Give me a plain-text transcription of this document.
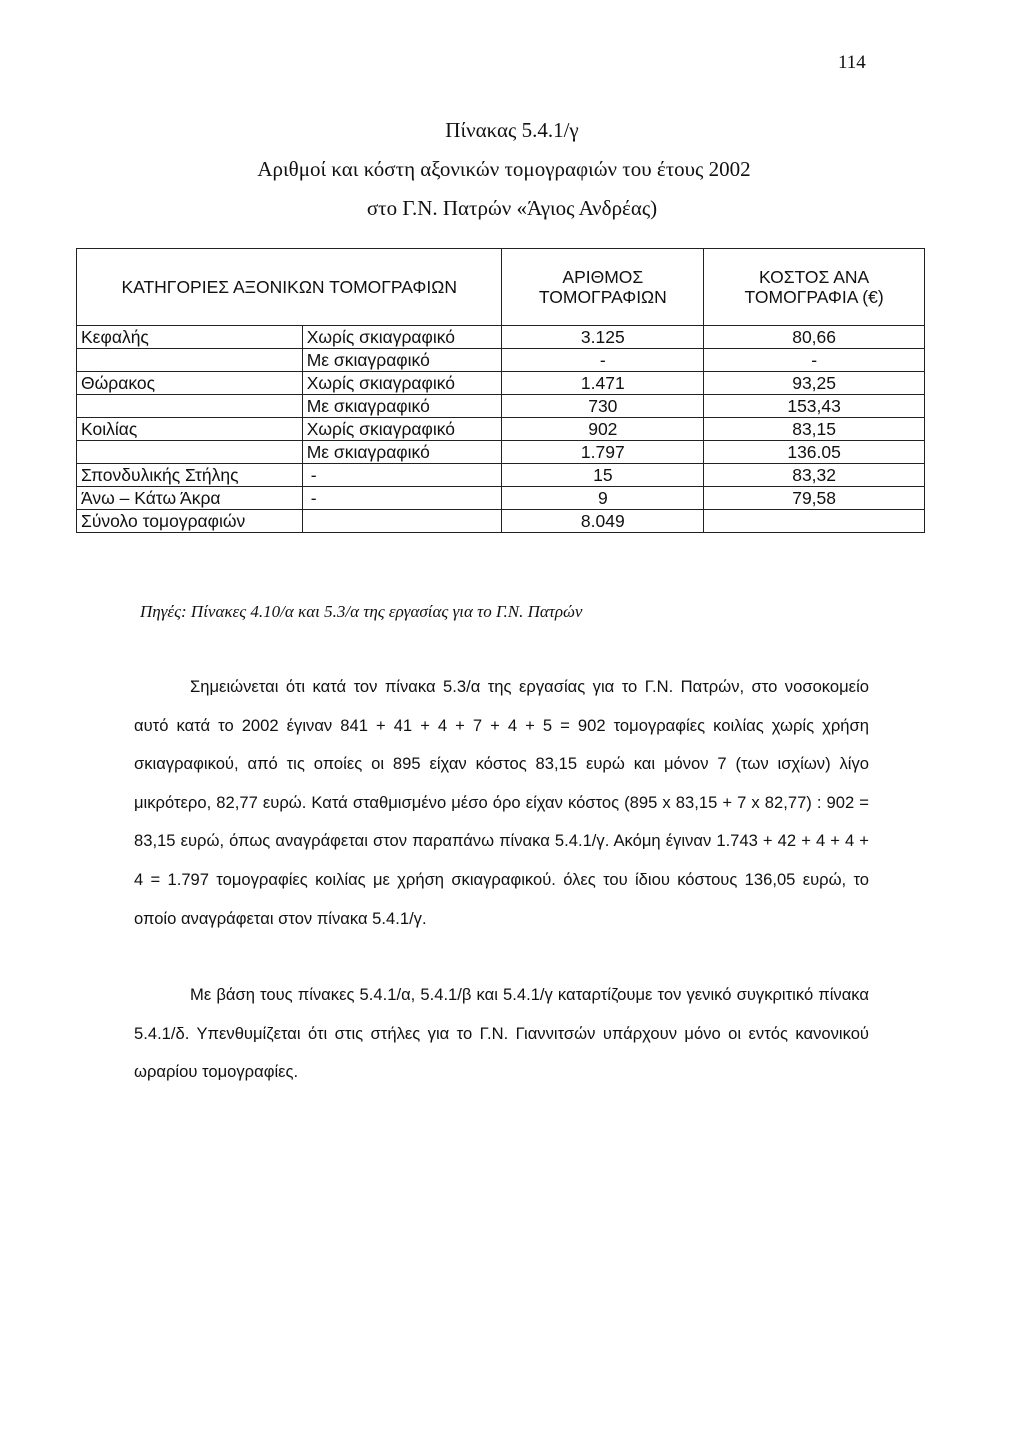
114
Πίνακας 5.4.1/γ
Αριθμοί και κόστη αξονικών τομογραφιών του έτους 2002
στο Γ.Ν. Πατρών «Άγιος Ανδρέας)
ΚΑΤΗΓΟΡΙΕΣ ΑΞΟΝΙΚΩΝ ΤΟΜΟΓΡΑΦΙΩΝ		ΑΡΙΘΜΟΣ ΤΟΜΟΓΡΑΦΙΩΝ	ΚΟΣΤΟΣ ΑΝΑ ΤΟΜΟΓΡΑΦΙΑ (€)
Κεφαλής	Χωρίς σκιαγραφικό	3.125	80,66
	Με σκιαγραφικό	-	-
Θώρακος	Χωρίς σκιαγραφικό	1.471	93,25
	Με σκιαγραφικό	730	153,43
Κοιλίας	Χωρίς σκιαγραφικό	902	83,15
	Με σκιαγραφικό	1.797	136.05
Σπονδυλικής Στήλης	-	15	83,32
Άνω – Κάτω Άκρα	-	9	79,58
Σύνολο τομογραφιών		8.049	
Πηγές: Πίνακες 4.10/α και 5.3/α της εργασίας για το Γ.Ν. Πατρών

Σημειώνεται ότι κατά τον πίνακα 5.3/α της εργασίας για το Γ.Ν. Πατρών, στο νοσοκομείο αυτό κατά το 2002 έγιναν 841 + 41 + 4 + 7 + 4 + 5 = 902 τομογραφίες κοιλίας χωρίς χρήση σκιαγραφικού, από τις οποίες οι 895 είχαν κόστος 83,15 ευρώ και μόνον 7 (των ισχίων) λίγο μικρότερο, 82,77 ευρώ. Κατά σταθμισμένο μέσο όρο είχαν κόστος (895 x 83,15 + 7 x 82,77) : 902 = 83,15 ευρώ, όπως αναγράφεται στον παραπάνω πίνακα 5.4.1/γ. Ακόμη έγιναν 1.743 + 42 + 4 + 4 + 4 = 1.797 τομογραφίες κοιλίας με χρήση σκιαγραφικού. όλες του ίδιου κόστους 136,05 ευρώ, το οποίο αναγράφεται στον πίνακα 5.4.1/γ.

Με βάση τους πίνακες 5.4.1/α, 5.4.1/β και 5.4.1/γ καταρτίζουμε τον γενικό συγκριτικό πίνακα 5.4.1/δ. Υπενθυμίζεται ότι στις στήλες για το Γ.Ν. Γιαννιτσών υπάρχουν μόνο οι εντός κανονικού ωραρίου τομογραφίες.
